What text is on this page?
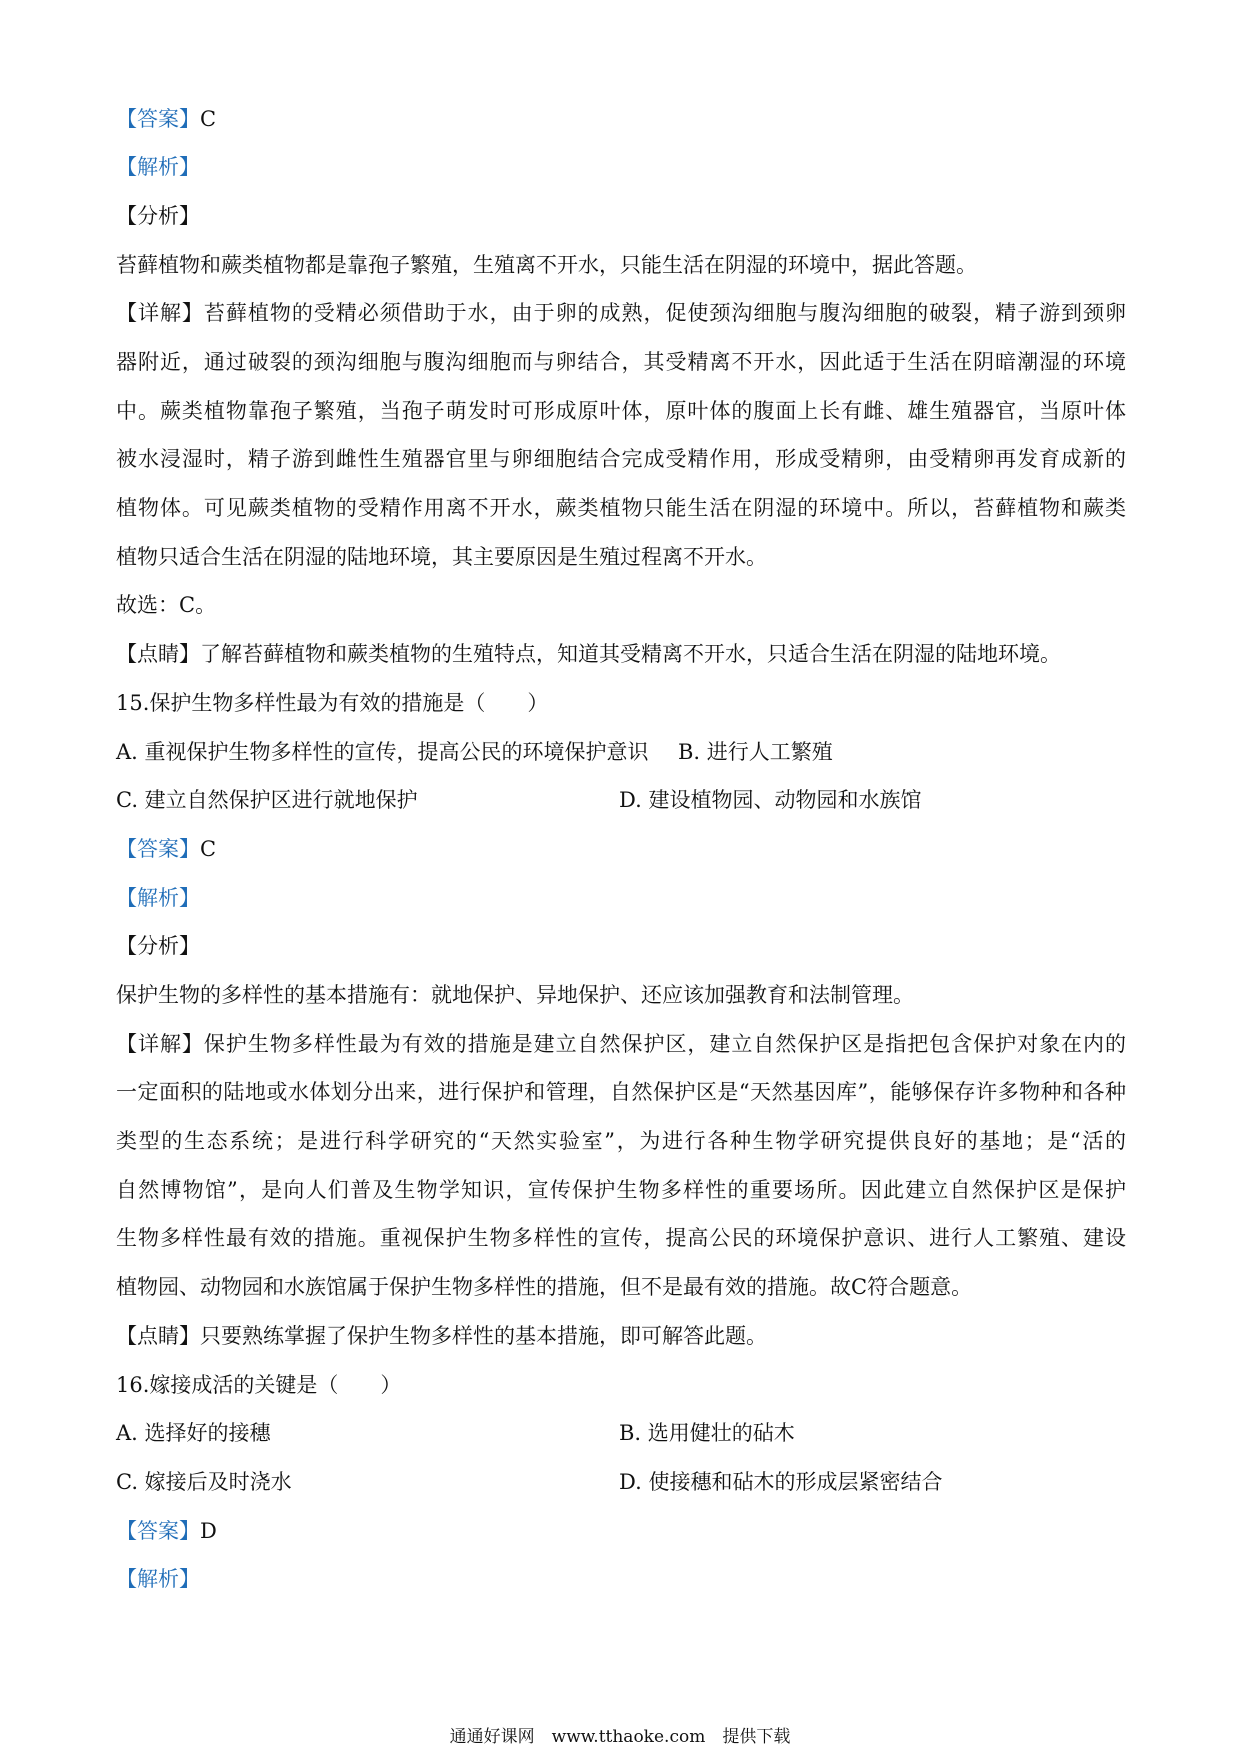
【答案】C
【解析】
【分析】
苔藓植物和蕨类植物都是靠孢子繁殖，生殖离不开水，只能生活在阴湿的环境中，据此答题。
【详解】苔藓植物的受精必须借助于水，由于卵的成熟，促使颈沟细胞与腹沟细胞的破裂，精子游到颈卵
器附近，通过破裂的颈沟细胞与腹沟细胞而与卵结合，其受精离不开水，因此适于生活在阴暗潮湿的环境
中。蕨类植物靠孢子繁殖，当孢子萌发时可形成原叶体，原叶体的腹面上长有雌、雄生殖器官，当原叶体
被水浸湿时，精子游到雌性生殖器官里与卵细胞结合完成受精作用，形成受精卵，由受精卵再发育成新的
植物体。可见蕨类植物的受精作用离不开水，蕨类植物只能生活在阴湿的环境中。所以，苔藓植物和蕨类
植物只适合生活在阴湿的陆地环境，其主要原因是生殖过程离不开水。
故选：C。
【点睛】了解苔藓植物和蕨类植物的生殖特点，知道其受精离不开水，只适合生活在阴湿的陆地环境。
15.保护生物多样性最为有效的措施是（　　）
A. 重视保护生物多样性的宣传，提高公民的环境保护意识 B. 进行人工繁殖
C. 建立自然保护区进行就地保护	D. 建设植物园、动物园和水族馆
【答案】C
【解析】
【分析】
保护生物的多样性的基本措施有：就地保护、异地保护、还应该加强教育和法制管理。
【详解】保护生物多样性最为有效的措施是建立自然保护区，建立自然保护区是指把包含保护对象在内的
一定面积的陆地或水体划分出来，进行保护和管理，自然保护区是“天然基因库”，能够保存许多物种和各种
类型的生态系统；是进行科学研究的“天然实验室”，为进行各种生物学研究提供良好的基地；是“活的
自然博物馆”，是向人们普及生物学知识，宣传保护生物多样性的重要场所。因此建立自然保护区是保护
生物多样性最有效的措施。重视保护生物多样性的宣传，提高公民的环境保护意识、进行人工繁殖、建设
植物园、动物园和水族馆属于保护生物多样性的措施，但不是最有效的措施。故C符合题意。
【点睛】只要熟练掌握了保护生物多样性的基本措施，即可解答此题。
16.嫁接成活的关键是（　　）
A. 选择好的接穗	B. 选用健壮的砧木
C. 嫁接后及时浇水	D. 使接穗和砧木的形成层紧密结合
【答案】D
【解析】
通通好课网　www.tthaoke.com　提供下载
